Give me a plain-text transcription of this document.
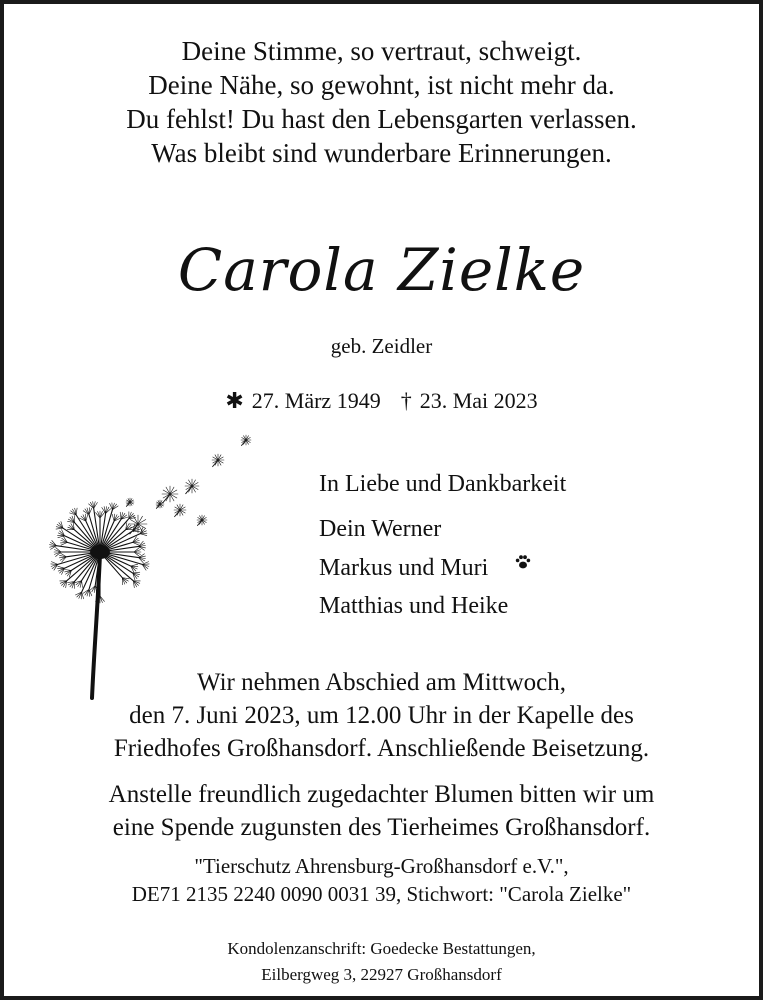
Deine Stimme, so vertraut, schweigt.
Deine Nähe, so gewohnt, ist nicht mehr da.
Du fehlst! Du hast den Lebensgarten verlassen.
Was bleibt sind wunderbare Erinnerungen.
Carola Zielke
geb. Zeidler
✱ 27. März 1949 † 23. Mai 2023
In Liebe und Dankbarkeit
Dein Werner
Markus und Muri
Matthias und Heike
Wir nehmen Abschied am Mittwoch,
den 7. Juni 2023, um 12.00 Uhr in der Kapelle des
Friedhofes Großhansdorf. Anschließende Beisetzung.
Anstelle freundlich zugedachter Blumen bitten wir um
eine Spende zugunsten des Tierheimes Großhansdorf.
"Tierschutz Ahrensburg-Großhansdorf e.V.",
DE71 2135 2240 0090 0031 39, Stichwort: "Carola Zielke"
Kondolenzanschrift: Goedecke Bestattungen,
Eilbergweg 3, 22927 Großhansdorf
